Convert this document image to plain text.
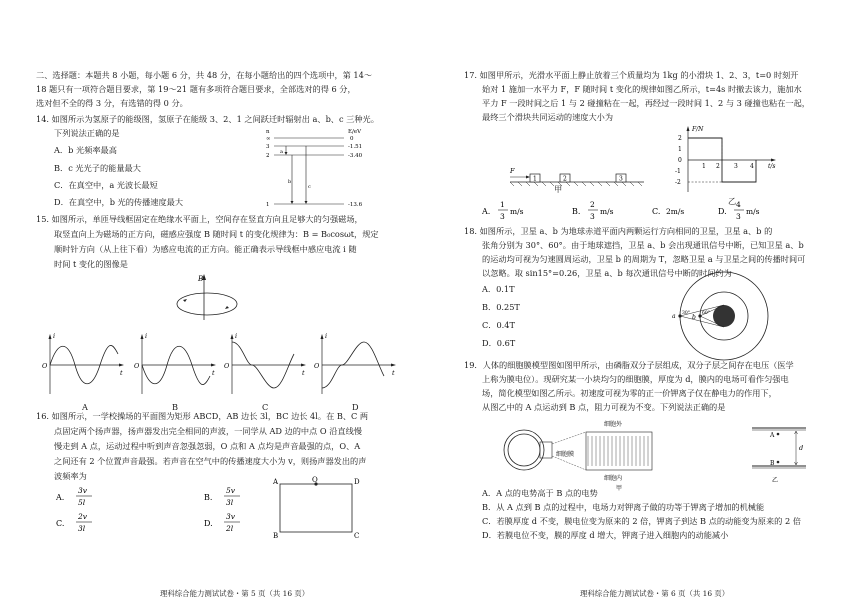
二、选择题：本题共 8 小题，每小题 6 分，共 48 分，在每小题给出的四个选项中，第 14～
18 题只有一项符合题目要求，第 19～21 题有多项符合题目要求，全部选对的得 6 分，
选对但不全的得 3 分，有选错的得 0 分。
14. 如图所示为氢原子的能级图，氢原子在能级 3、2、1 之间跃迁时辐射出 a、b、c 三种光。
下列说法正确的是
A．b 光频率最高
B．c 光光子的能量最大
C．在真空中，a 光波长最短
D．在真空中，b 光的传播速度最大
n	E/eV
∞	0
3	-1.51
2	-3.40
1	-13.6
a
b
c
15. 如图所示，单匝导线框固定在绝缘水平面上，空间存在竖直方向且足够大的匀强磁场，
取竖直向上为磁场的正方向，磁感应强度 B 随时间 t 的变化规律为：B = B₀cosωt，规定
顺时针方向（从上往下看）为感应电流的正方向。能正确表示导线框中感应电流 i 随
时间 t 变化的图像是
B
i
O
t
A
i
O
t
B
i
O
t
C
i
O
t
D
16. 如图所示，一学校操场的平面图为矩形 ABCD，AB 边长 3l，BC 边长 4l。在 B、C 两
点固定两个扬声器，扬声器发出完全相同的声波，一同学从 AD 边的中点 O 沿直线慢
慢走到 A 点，运动过程中听到声音忽强忽弱，O 点和 A 点均是声音最强的点，O、A
之间还有 2 个位置声音最强。若声音在空气中的传播速度大小为 v，则扬声器发出的声
波频率为
A.
3v
5l
B.
5v
3l
C.
2v
3l
D.
3v
2l
A	O	D
B	C
理科综合能力测试试卷・第 5 页（共 16 页）
17. 如图甲所示，光滑水平面上静止放着三个质量均为 1kg 的小滑块 1、2、3，t=0 时刻开
始对 1 施加一水平力 F，F 随时间 t 变化的规律如图乙所示，t=4s 时撤去该力，施加水
平力 F 一段时间之后 1 与 2 碰撞粘在一起，再经过一段时间 1、2 与 3 碰撞也粘在一起，
最终三个滑块共同运动的速度大小为
F/N
t/s
2
1
0
-1
-2
1 2 3 4
乙
F
1	2	3
甲
A.
1
3
m/s	B.
2
3
m/s	C. 2m/s	D.
4
3
m/s
18. 如图所示，卫星 a、b 为地球赤道平面内两颗运行方向相同的卫星，卫星 a、b 的
张角分别为 30°、60°。由于地球遮挡，卫星 a、b 会出现通讯信号中断，已知卫星 a、b
的运动均可视为匀速圆周运动，卫星 b 的周期为 T，忽略卫星 a 与卫星之间的传播时间可
以忽略。取 sin15°=0.26，卫星 a、b 每次通讯信号中断的时间约为
A．0.1T
B．0.25T
C．0.4T
D．0.6T
a 30°
b
60°
19．人体的细胞膜模型图如图甲所示，由磷脂双分子层组成，双分子层之间存在电压（医学
上称为膜电位）。现研究某一小块均匀的细胞膜，厚度为 d，膜内的电场可看作匀强电
场，简化模型如图乙所示。初速度可视为零的正一价钾离子仅在静电力的作用下，
从图乙中的 A 点运动到 B 点，阻力可视为不变。下列说法正确的是
细胞外
细胞膜
细胞内
甲
A
B
d
乙
A．A 点的电势高于 B 点的电势
B．从 A 点到 B 点的过程中，电场力对钾离子做的功等于钾离子增加的机械能
C．若膜厚度 d 不变，膜电位变为原来的 2 倍，钾离子到达 B 点的动能变为原来的 2 倍
D．若膜电位不变，膜的厚度 d 增大，钾离子进入细胞内的动能减小
理科综合能力测试试卷・第 6 页（共 16 页）
